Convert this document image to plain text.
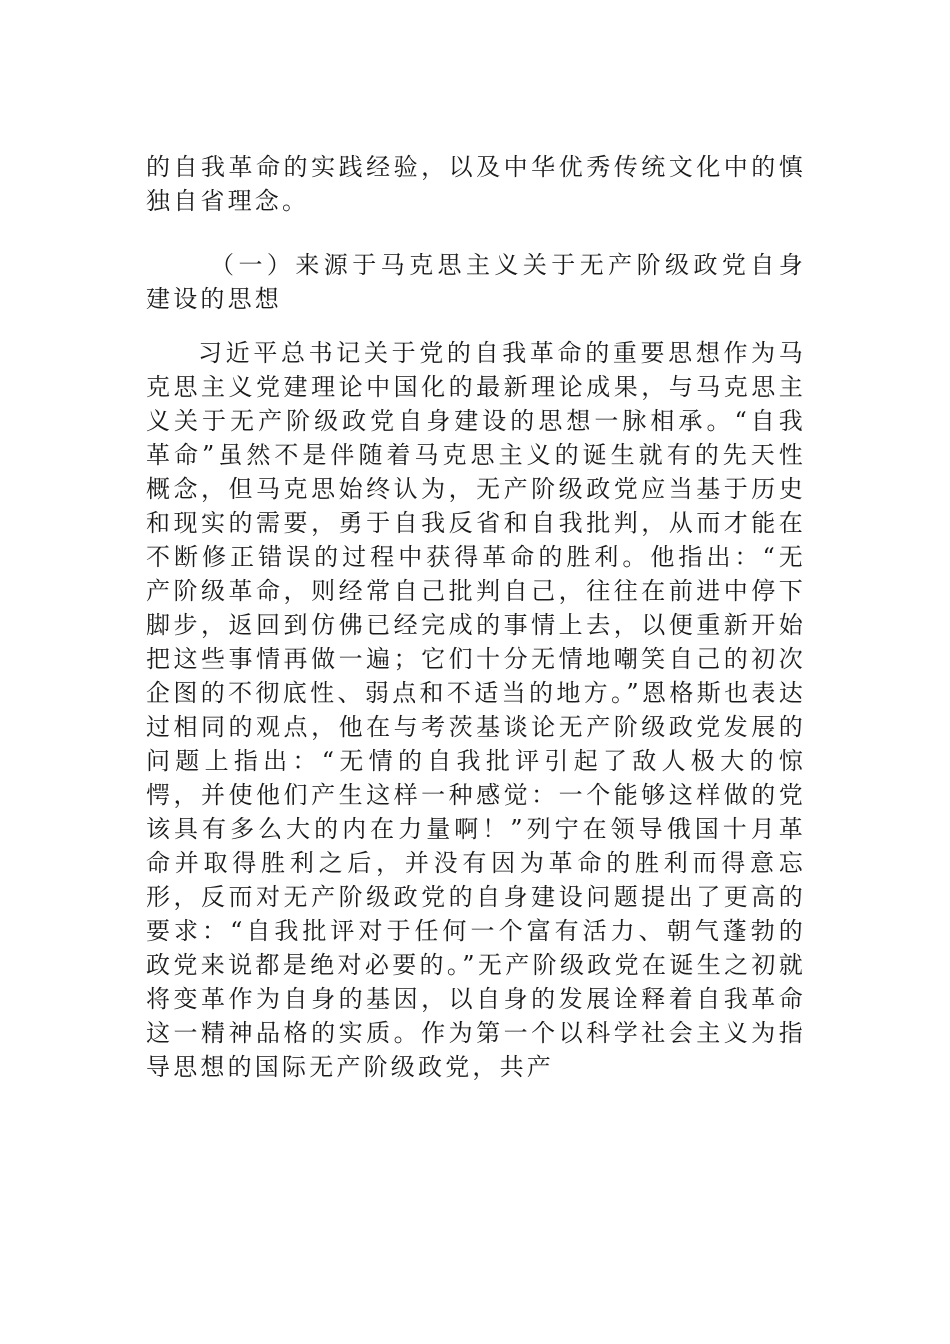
的自我革命的实践经验，以及中华优秀传统文化中的慎独自省理念。

（一）来源于马克思主义关于无产阶级政党自身建设的思想

习近平总书记关于党的自我革命的重要思想作为马克思主义党建理论中国化的最新理论成果，与马克思主义关于无产阶级政党自身建设的思想一脉相承。“自我革命”虽然不是伴随着马克思主义的诞生就有的先天性概念，但马克思始终认为，无产阶级政党应当基于历史和现实的需要，勇于自我反省和自我批判，从而才能在不断修正错误的过程中获得革命的胜利。他指出：“无产阶级革命，则经常自己批判自己，往往在前进中停下脚步，返回到仿佛已经完成的事情上去，以便重新开始把这些事情再做一遍；它们十分无情地嘲笑自己的初次企图的不彻底性、弱点和不适当的地方。”恩格斯也表达过相同的观点，他在与考茨基谈论无产阶级政党发展的问题上指出：“无情的自我批评引起了敌人极大的惊愕，并使他们产生这样一种感觉：一个能够这样做的党该具有多么大的内在力量啊！”列宁在领导俄国十月革命并取得胜利之后，并没有因为革命的胜利而得意忘形，反而对无产阶级政党的自身建设问题提出了更高的要求：“自我批评对于任何一个富有活力、朝气蓬勃的政党来说都是绝对必要的。”无产阶级政党在诞生之初就将变革作为自身的基因，以自身的发展诠释着自我革命这一精神品格的实质。作为第一个以科学社会主义为指导思想的国际无产阶级政党，共产
